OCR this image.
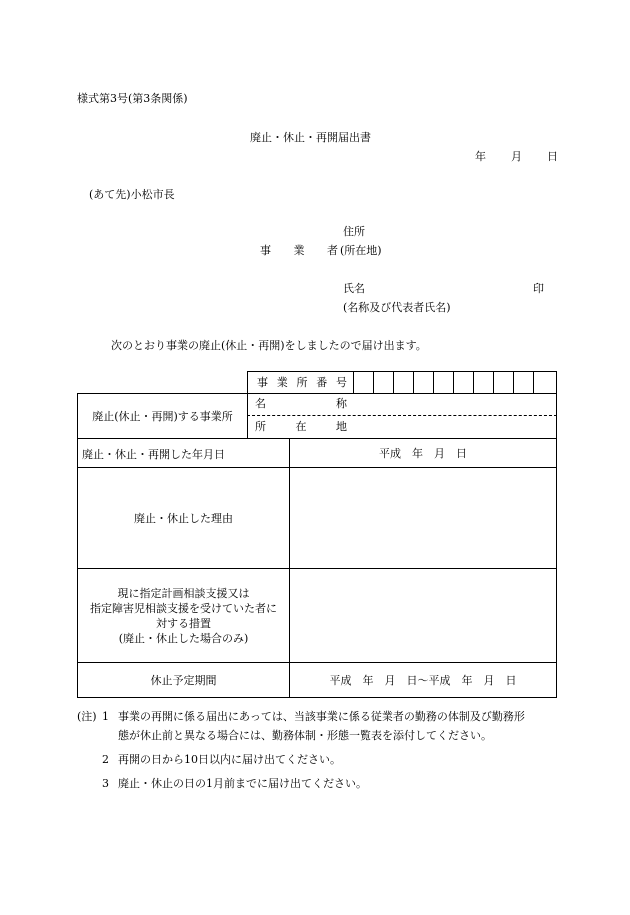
様式第3号(第3条関係)
廃止・休止・再開届出書
年 月 日
(あて先)小松市長
住所
事 業 者 (所在地)
氏名	印
(名称及び代表者氏名)
次のとおり事業の廃止(休止・再開)をしましたので届け出ます。
事 業 所 番 号
廃止(休止・再開)する事業所
名	称
所	在	地
廃止・休止・再開した年月日	平成　年　月　日
廃止・休止した理由
現に指定計画相談支援又は
指定障害児相談支援を受けていた者に
対する措置
(廃止・休止した場合のみ)
休止予定期間	平成　年　月　日～平成　年　月　日
(注) 1 事業の再開に係る届出にあっては、当該事業に係る従業者の勤務の体制及び勤務形
態が休止前と異なる場合には、勤務体制・形態一覧表を添付してください。
2 再開の日から10日以内に届け出てください。
3 廃止・休止の日の1月前までに届け出てください。
